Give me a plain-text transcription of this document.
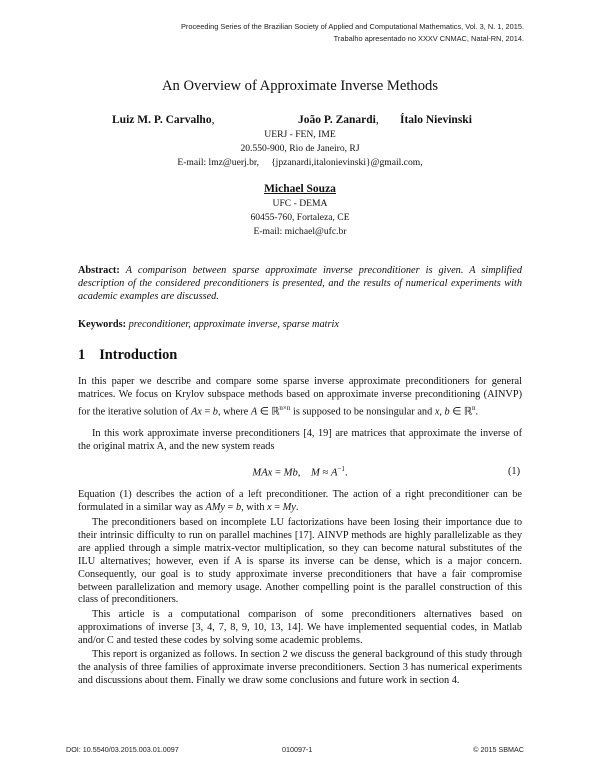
Proceeding Series of the Brazilian Society of Applied and Computational Mathematics, Vol. 3, N. 1, 2015.
Trabalho apresentado no XXXV CNMAC, Natal-RN, 2014.
An Overview of Approximate Inverse Methods
Luiz M. P. Carvalho,	João P. Zanardi, Ítalo Nievinski
UERJ - FEN, IME
20.550-900, Rio de Janeiro, RJ
E-mail: lmz@uerj.br,     {jpzanardi,italonievinski}@gmail.com,
Michael Souza
UFC - DEMA
60455-760, Fortaleza, CE
E-mail: michael@ufc.br
Abstract: A comparison between sparse approximate inverse preconditioner is given. A simplified description of the considered preconditioners is presented, and the results of numerical experiments with academic examples are discussed.
Keywords: preconditioner, approximate inverse, sparse matrix
1 Introduction
In this paper we describe and compare some sparse inverse approximate preconditioners for general matrices. We focus on Krylov subspace methods based on approximate inverse preconditioning (AINVP) for the iterative solution of Ax = b, where A ∈ ℝ$^{n\times n}$ is supposed to be nonsingular and x, b ∈ ℝ$^n$.
In this work approximate inverse preconditioners [4, 19] are matrices that approximate the inverse of the original matrix A, and the new system reads
MAx = Mb,    $M \approx A^{-1}$.	(1)
Equation (1) describes the action of a left preconditioner. The action of a right preconditioner can be formulated in a similar way as AMy = b, with x = My.
The preconditioners based on incomplete LU factorizations have been losing their importance due to their intrinsic difficulty to run on parallel machines [17]. AINVP methods are highly parallelizable as they are applied through a simple matrix-vector multiplication, so they can become natural substitutes of the ILU alternatives; however, even if A is sparse its inverse can be dense, which is a major concern. Consequently, our goal is to study approximate inverse preconditioners that have a fair compromise between parallelization and memory usage. Another compelling point is the parallel construction of this class of preconditioners.
This article is a computational comparison of some preconditioners alternatives based on approximations of inverse [3, 4, 7, 8, 9, 10, 13, 14]. We have implemented sequential codes, in Matlab and/or C and tested these codes by solving some academic problems.
This report is organized as follows. In section 2 we discuss the general background of this study through the analysis of three families of approximate inverse preconditioners. Section 3 has numerical experiments and discussions about them. Finally we draw some conclusions and future work in section 4.
DOI: 10.5540/03.2015.003.01.0097	010097-1	© 2015 SBMAC
